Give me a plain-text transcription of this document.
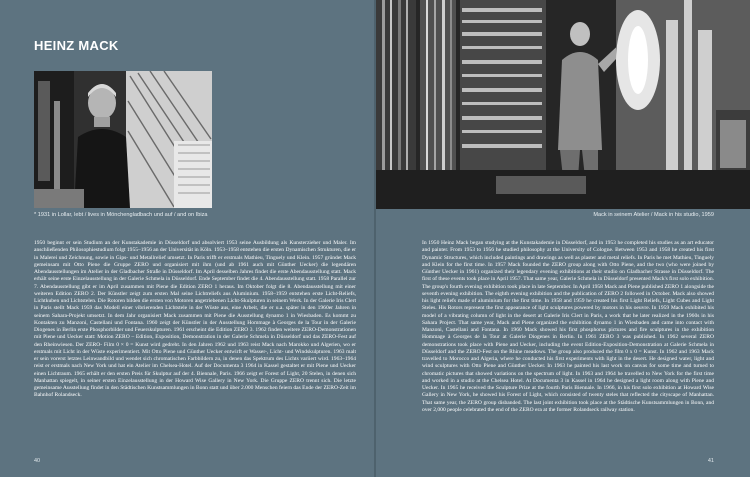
HEINZ MACK
* 1931 in Lollar, lebt / lives in Mönchengladbach und auf / and on Ibiza
1950 beginnt er sein Studium an der Kunstakademie in Düsseldorf und absolviert 1953 seine Ausbildung als Kunsterzieher und Maler. Im anschließenden Philosophiestudium folgt 1955–1956 an der Universität in Köln. 1953–1958 entstehen die ersten Dynamischen Strukturen, die er in Malerei und Zeichnung, sowie in Gips- und Metallrelief umsetzt. In Paris trifft er erstmals Mathieu, Tinguely und Klein. 1957 gründet Mack gemeinsam mit Otto Piene die Gruppe ZERO und organisiert mit ihm (und ab 1961 auch mit Günther Uecker) die legendären Abendausstellungen im Atelier in der Gladbacher Straße in Düsseldorf. Im April desselben Jahres findet die erste Abendausstellung statt. Mack erhält seine erste Einzelausstellung in der Galerie Schmela in Düsseldorf. Ende September findet die 4. Abendausstellung statt. 1958 Parallel zur 7. Abendausstellung gibt er im April zusammen mit Piene die Edition ZERO 1 heraus. Im Oktober folgt die 8. Abendausstellung mit einer weiteren Edition ZERO 2. Der Künstler zeigt zum ersten Mal seine Lichtreliefs aus Aluminium. 1958–1959 entstehen erste Licht-Reliefs, Lichtkuben und Lichtstelen. Die Rotoren bilden die ersten von Motoren angetriebenen Licht-Skulpturen in seinem Werk. In der Galerie Iris Clert in Paris stellt Mack 1959 das Modell einer vibrierenden Lichtstele in der Wüste aus, eine Arbeit, die er u.a. später in den 1960er Jahren in seinem Sahara-Projekt umsetzt. In dem Jahr organisiert Mack zusammen mit Piene die Ausstellung dynamo 1 in Wiesbaden. Es kommt zu Kontakten zu Manzoni, Castellani und Fontana. 1960 zeigt der Künstler in der Ausstellung Hommage à Georges de la Tour in der Galerie Diogenes in Berlin erste Phosphorbilder und Feuerskulpturen. 1961 erscheint die Edition ZERO 3. 1962 finden weitere ZERO-Demonstrationen mit Piene und Uecker statt: Motion ZERO – Edition, Exposition, Demonstration in der Galerie Schmela in Düsseldorf und das ZERO-Fest auf den Rheinwiesen. Der ZERO- Film 0 × 0 = Kunst wird gedreht. In den Jahren 1962 und 1963 reist Mack nach Marokko und Algerien, wo er erstmals mit Licht in der Wüste experimentiert. Mit Otto Piene und Günther Uecker entwirft er Wasser-, Licht- und Windskulpturen. 1963 malt er sein vorerst letztes Leinwandbild und wendet sich chromatischen Farbbildern zu, in denen das Spektrum des Lichts variiert wird. 1963–1964 reist er erstmals nach New York und hat ein Atelier im Chelsea-Hotel. Auf der Documenta 3 1964 in Kassel gestaltet er mit Piene und Uecker einen Lichtraum. 1965 erhält er den ersten Preis für Skulptur auf der 4. Biennale, Paris. 1966 zeigt er Forest of Light, 20 Stelen, in denen sich Manhattan spiegelt, in seiner ersten Einzelausstellung in der Howard Wise Gallery in New York. Die Gruppe ZERO trennt sich. Die letzte gemeinsame Ausstellung findet in den Städtischen Kunstsammlungen in Bonn statt und über 2.000 Menschen feiern das Ende der ZERO-Zeit im Bahnhof Rolandseck.
40
Mack in seinem Atelier / Mack in his studio, 1959
In 1950 Heinz Mack began studying at the Kunstakademie in Düsseldorf, and in 1953 he completed his studies as an art educator and painter. From 1953 to 1956 he studied philosophy at the University of Cologne. Between 1953 and 1958 he created his first Dynamic Structures, which included paintings and drawings as well as plaster and metal reliefs. In Paris he met Mathieu, Tinguely and Klein for the first time. In 1957 Mack founded the ZERO group along with Otto Piene, and the two (who were joined by Günther Uecker in 1961) organized their legendary evening exhibitions at their studio on Gladbacher Strasse in Düsseldorf. The first of these events took place in April 1957. That same year, Galerie Schmela in Düsseldorf presented Mack's first solo exhibition. The group's fourth evening exhibition took place in late September. In April 1958 Mack and Piene published ZERO 1 alongside the seventh evening exhibition. The eighth evening exhibition and the publication of ZERO 2 followed in October. Mack also showed his light reliefs made of aluminium for the first time. In 1958 and 1959 he created his first Light Reliefs, Light Cubes and Light Steles. His Rotors represent the first appearance of light sculptures powered by motors in his oeuvre. In 1959 Mack exhibited his model of a vibrating column of light in the desert at Galerie Iris Clert in Paris, a work that he later realized in the 1960s in his Sahara Project. That same year, Mack and Piene organized the exhibition dynamo 1 in Wiesbaden and came into contact with Manzoni, Castellani and Fontana. In 1960 Mack showed his first phosphorus pictures and fire sculptures in the exhibition Hommage à Georges de la Tour at Galerie Diogenes in Berlin. In 1961 ZERO 3 was published. In 1962 several ZERO demonstrations took place with Piene and Uecker, including the event Edition-Exposition-Demonstration at Galerie Schmela in Düsseldorf and the ZERO-Fest on the Rhine meadows. The group also produced the film 0 x 0 = Kunst. In 1962 and 1963 Mack travelled to Morocco and Algeria, where he conducted his first experiments with light in the desert. He designed water, light and wind sculptures with Otto Piene and Günther Uecker. In 1963 he painted his last work on canvas for some time and turned to chromatic pictures that showed variations on the spectrum of light. In 1963 and 1964 he travelled to New York for the first time and worked in a studio at the Chelsea Hotel. At Documenta 3 in Kassel in 1964 he designed a light room along with Piene and Uecker. In 1965 he received the Sculpture Prize at the fourth Paris Biennale. In 1966, in his first solo exhibition at Howard Wise Gallery in New York, he showed his Forest of Light, which consisted of twenty steles that reflected the cityscape of Manhattan. That same year, the ZERO group disbanded. The last joint exhibition took place at the Städtische Kunstsammlungen in Bonn, and over 2,000 people celebrated the end of the ZERO era at the former Rolandseck railway station.
41
